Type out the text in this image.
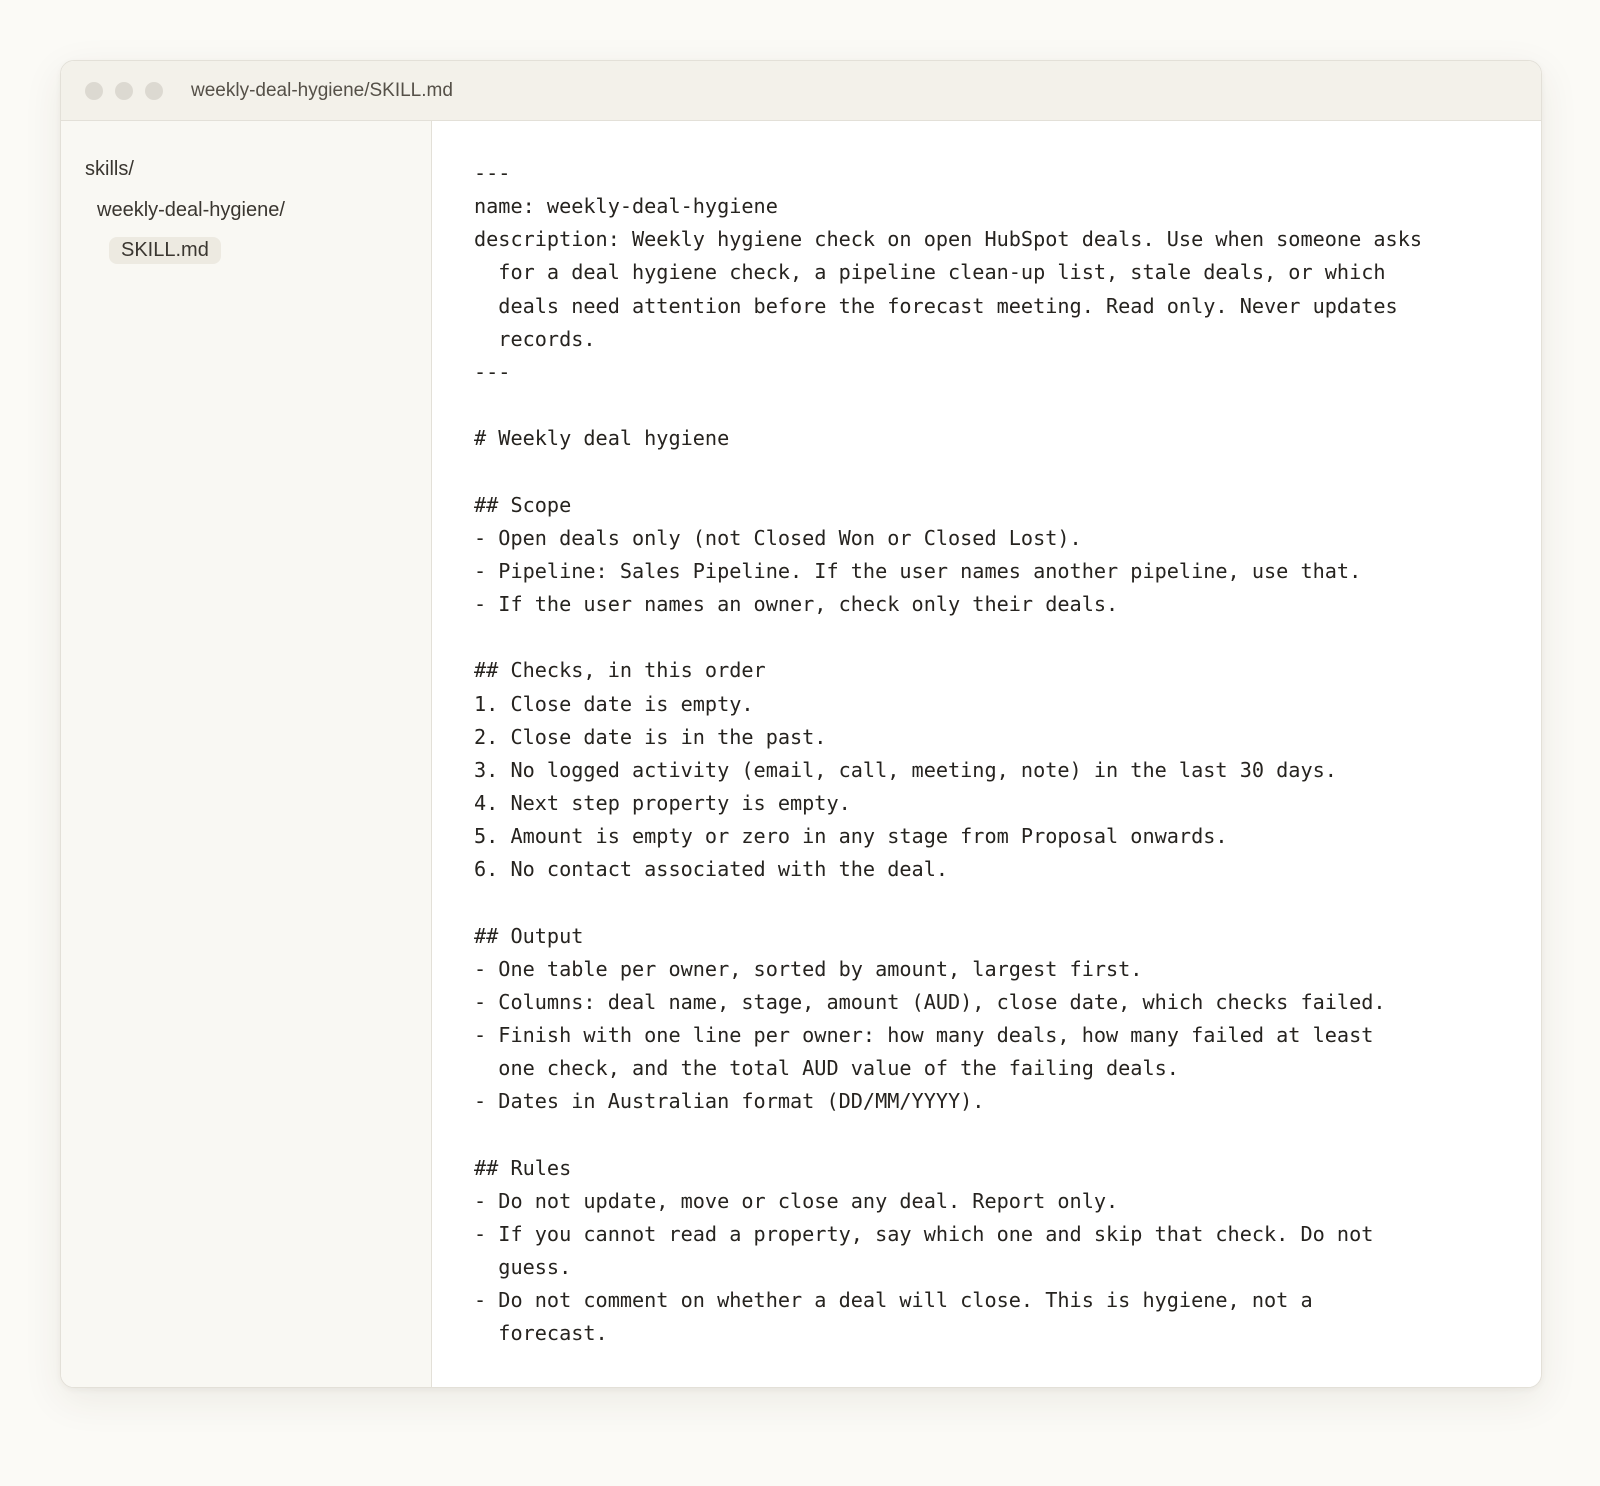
weekly-deal-hygiene/SKILL.md
skills/
weekly-deal-hygiene/
SKILL.md
---
name: weekly-deal-hygiene
description: Weekly hygiene check on open HubSpot deals. Use when someone asks
for a deal hygiene check, a pipeline clean-up list, stale deals, or which
deals need attention before the forecast meeting. Read only. Never updates
records.
---

# Weekly deal hygiene

## Scope
- Open deals only (not Closed Won or Closed Lost).
- Pipeline: Sales Pipeline. If the user names another pipeline, use that.
- If the user names an owner, check only their deals.

## Checks, in this order
1. Close date is empty.
2. Close date is in the past.
3. No logged activity (email, call, meeting, note) in the last 30 days.
4. Next step property is empty.
5. Amount is empty or zero in any stage from Proposal onwards.
6. No contact associated with the deal.

## Output
- One table per owner, sorted by amount, largest first.
- Columns: deal name, stage, amount (AUD), close date, which checks failed.
- Finish with one line per owner: how many deals, how many failed at least
one check, and the total AUD value of the failing deals.
- Dates in Australian format (DD/MM/YYYY).

## Rules
- Do not update, move or close any deal. Report only.
- If you cannot read a property, say which one and skip that check. Do not
guess.
- Do not comment on whether a deal will close. This is hygiene, not a
forecast.
